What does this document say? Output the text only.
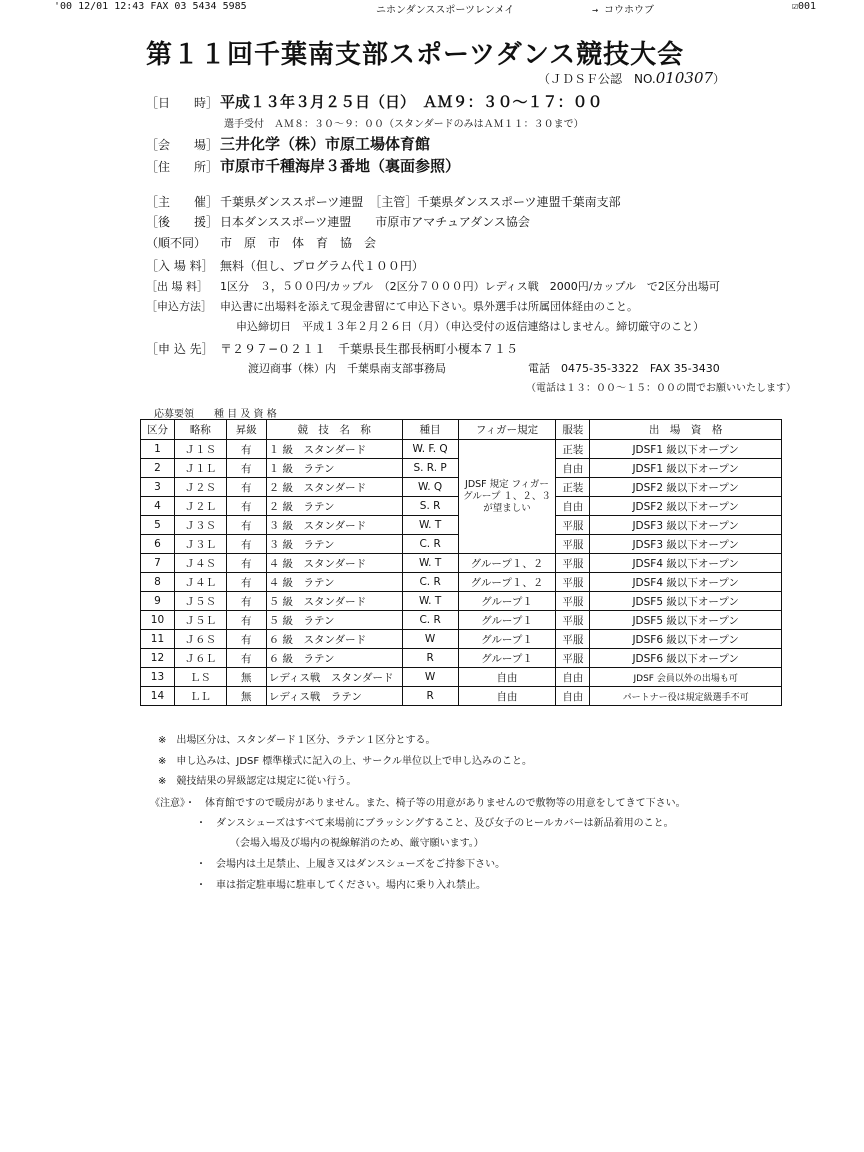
'00 12/01 12:43 FAX 03 5434 5985	ニホンダンススポーツレンメイ	→ コウホウブ	☑001
第１１回千葉南支部スポーツダンス競技大会
（ＪＤＳＦ公認　NO.010307）
［日　　時］ 平成１３年３月２５日（日）　ＡＭ９：３０〜１７：００
選手受付　ＡＭ８：３０〜９：００（スタンダードのみはＡＭ１１：３０まで）
［会　　場］ 三井化学（株）市原工場体育館
［住　　所］ 市原市千種海岸３番地（裏面参照）
［主　　催］ 千葉県ダンススポーツ連盟　［主管］千葉県ダンススポーツ連盟千葉南支部
［後　　援］ 日本ダンススポーツ連盟　　市原市アマチュアダンス協会
（順不同） 市　原　市　体　育　協　会
［入 場 料］ 無料（但し、プログラム代１００円）
［出 場 料］ 1区分　３，５００円/カップル　（2区分７０００円）レディス戦　2000円/カップル　で2区分出場可
［申込方法］ 申込書に出場料を添えて現金書留にて申込下さい。県外選手は所属団体経由のこと。
申込締切日　平成１３年２月２６日（月）（申込受付の返信連絡はしません。締切厳守のこと）
［申 込 先］ 〒２９７−０２１１　千葉県長生郡長柄町小榎本７１５
渡辺商事（株）内　千葉県南支部事務局	電話　0475-35-3322　FAX 35-3430
（電話は１３：００〜１５：００の間でお願いいたします）
応募要領　　種 目 及 資 格
区分	略称	昇級	競　技　名　称	種目	フィガー規定	服装	出　場　資　格
1	Ｊ１Ｓ	有	１ 級　スタンダード	W. F. Q	JDSF 規定 フィガー グループ １、２、３ が望ましい	正装	JDSF1 級以下オープン
2	Ｊ１Ｌ	有	１ 級　ラテン	S. R. P		自由	JDSF1 級以下オープン
3	Ｊ２Ｓ	有	２ 級　スタンダード	W. Q		正装	JDSF2 級以下オープン
4	Ｊ２Ｌ	有	２ 級　ラテン	S. R		自由	JDSF2 級以下オープン
5	Ｊ３Ｓ	有	３ 級　スタンダード	W. T		平服	JDSF3 級以下オープン
6	Ｊ３Ｌ	有	３ 級　ラテン	C. R		平服	JDSF3 級以下オープン
7	Ｊ４Ｓ	有	４ 級　スタンダード	W. T	グループ１、２	平服	JDSF4 級以下オープン
8	Ｊ４Ｌ	有	４ 級　ラテン	C. R	グループ１、２	平服	JDSF4 級以下オープン
9	Ｊ５Ｓ	有	５ 級　スタンダード	W. T	グループ１	平服	JDSF5 級以下オープン
10	Ｊ５Ｌ	有	５ 級　ラテン	C. R	グループ１	平服	JDSF5 級以下オープン
11	Ｊ６Ｓ	有	６ 級　スタンダード	W	グループ１	平服	JDSF6 級以下オープン
12	Ｊ６Ｌ	有	６ 級　ラテン	R	グループ１	平服	JDSF6 級以下オープン
13	ＬＳ	無	レディス戦　スタンダード	W	自由	自由	JDSF 会員以外の出場も可
14	ＬＬ	無	レディス戦　ラテン	R	自由	自由	パートナー役は規定級選手不可
※　出場区分は、スタンダード１区分、ラテン１区分とする。
※　申し込みは、JDSF 標準様式に記入の上、サークル単位以上で申し込みのこと。
※　競技結果の昇級認定は規定に従い行う。
《注意》・　体育館ですので暖房がありません。また、椅子等の用意がありませんので敷物等の用意をしてきて下さい。
・　ダンスシューズはすべて来場前にブラッシングすること、及び女子のヒールカバーは新品着用のこと。
（会場入場及び場内の視線解消のため、厳守願います。）
・　会場内は土足禁止、上履き又はダンスシューズをご持参下さい。
・　車は指定駐車場に駐車してください。場内に乗り入れ禁止。
